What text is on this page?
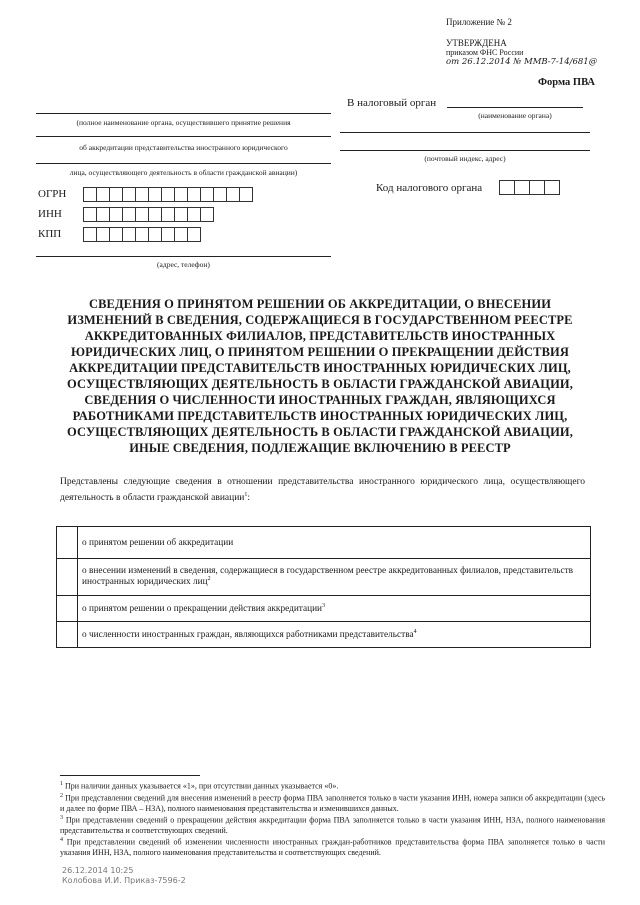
Приложение № 2
УТВЕРЖДЕНА
приказом ФНС России
от 26.12.2014 № ММВ-7-14/681@
Форма ПВА
(полное наименование органа, осуществившего принятие решения
об аккредитации представительства иностранного юридического
лица, осуществляющего деятельность в области гражданской авиации)
ОГРН
ИНН
КПП
(адрес, телефон)
В налоговый орган
(наименование органа)
(почтовый индекс, адрес)
Код налогового органа
СВЕДЕНИЯ О ПРИНЯТОМ РЕШЕНИИ ОБ АККРЕДИТАЦИИ, О ВНЕСЕНИИ ИЗМЕНЕНИЙ В СВЕДЕНИЯ, СОДЕРЖАЩИЕСЯ В ГОСУДАРСТВЕННОМ РЕЕСТРЕ АККРЕДИТОВАННЫХ ФИЛИАЛОВ, ПРЕДСТАВИТЕЛЬСТВ ИНОСТРАННЫХ ЮРИДИЧЕСКИХ ЛИЦ, О ПРИНЯТОМ РЕШЕНИИ О ПРЕКРАЩЕНИИ ДЕЙСТВИЯ АККРЕДИТАЦИИ ПРЕДСТАВИТЕЛЬСТВ ИНОСТРАННЫХ ЮРИДИЧЕСКИХ ЛИЦ, ОСУЩЕСТВЛЯЮЩИХ ДЕЯТЕЛЬНОСТЬ В ОБЛАСТИ ГРАЖДАНСКОЙ АВИАЦИИ, СВЕДЕНИЯ О ЧИСЛЕННОСТИ ИНОСТРАННЫХ ГРАЖДАН, ЯВЛЯЮЩИХСЯ РАБОТНИКАМИ ПРЕДСТАВИТЕЛЬСТВ ИНОСТРАННЫХ ЮРИДИЧЕСКИХ ЛИЦ, ОСУЩЕСТВЛЯЮЩИХ ДЕЯТЕЛЬНОСТЬ В ОБЛАСТИ ГРАЖДАНСКОЙ АВИАЦИИ, ИНЫЕ СВЕДЕНИЯ, ПОДЛЕЖАЩИЕ ВКЛЮЧЕНИЮ В РЕЕСТР
Представлены следующие сведения в отношении представительства иностранного юридического лица, осуществляющего деятельность в области гражданской авиации$^1$:
	о принятом решении об аккредитации
	о внесении изменений в сведения, содержащиеся в государственном реестре аккредитованных филиалов, представительств иностранных юридических лиц$^2$
	о принятом решении о прекращении действия аккредитации$^3$
	о численности иностранных граждан, являющихся работниками представительства$^4$
$^1$ При наличии данных указывается «1», при отсутствии данных указывается «0».
$^2$ При представлении сведений для внесения изменений в реестр форма ПВА заполняется только в части указания ИНН, номера записи об аккредитации (здесь и далее по форме ПВА – НЗА), полного наименования представительства и изменившихся данных.
$^3$ При представлении сведений о прекращении действия аккредитации форма ПВА заполняется только в части указания ИНН, НЗА, полного наименования представительства и соответствующих сведений.
$^4$ При представлении сведений об изменении численности иностранных граждан-работников представительства форма ПВА заполняется только в части указания ИНН, НЗА, полного наименования представительства и соответствующих сведений.
26.12.2014 10:25
Колобова И.И. Приказ-7596-2
